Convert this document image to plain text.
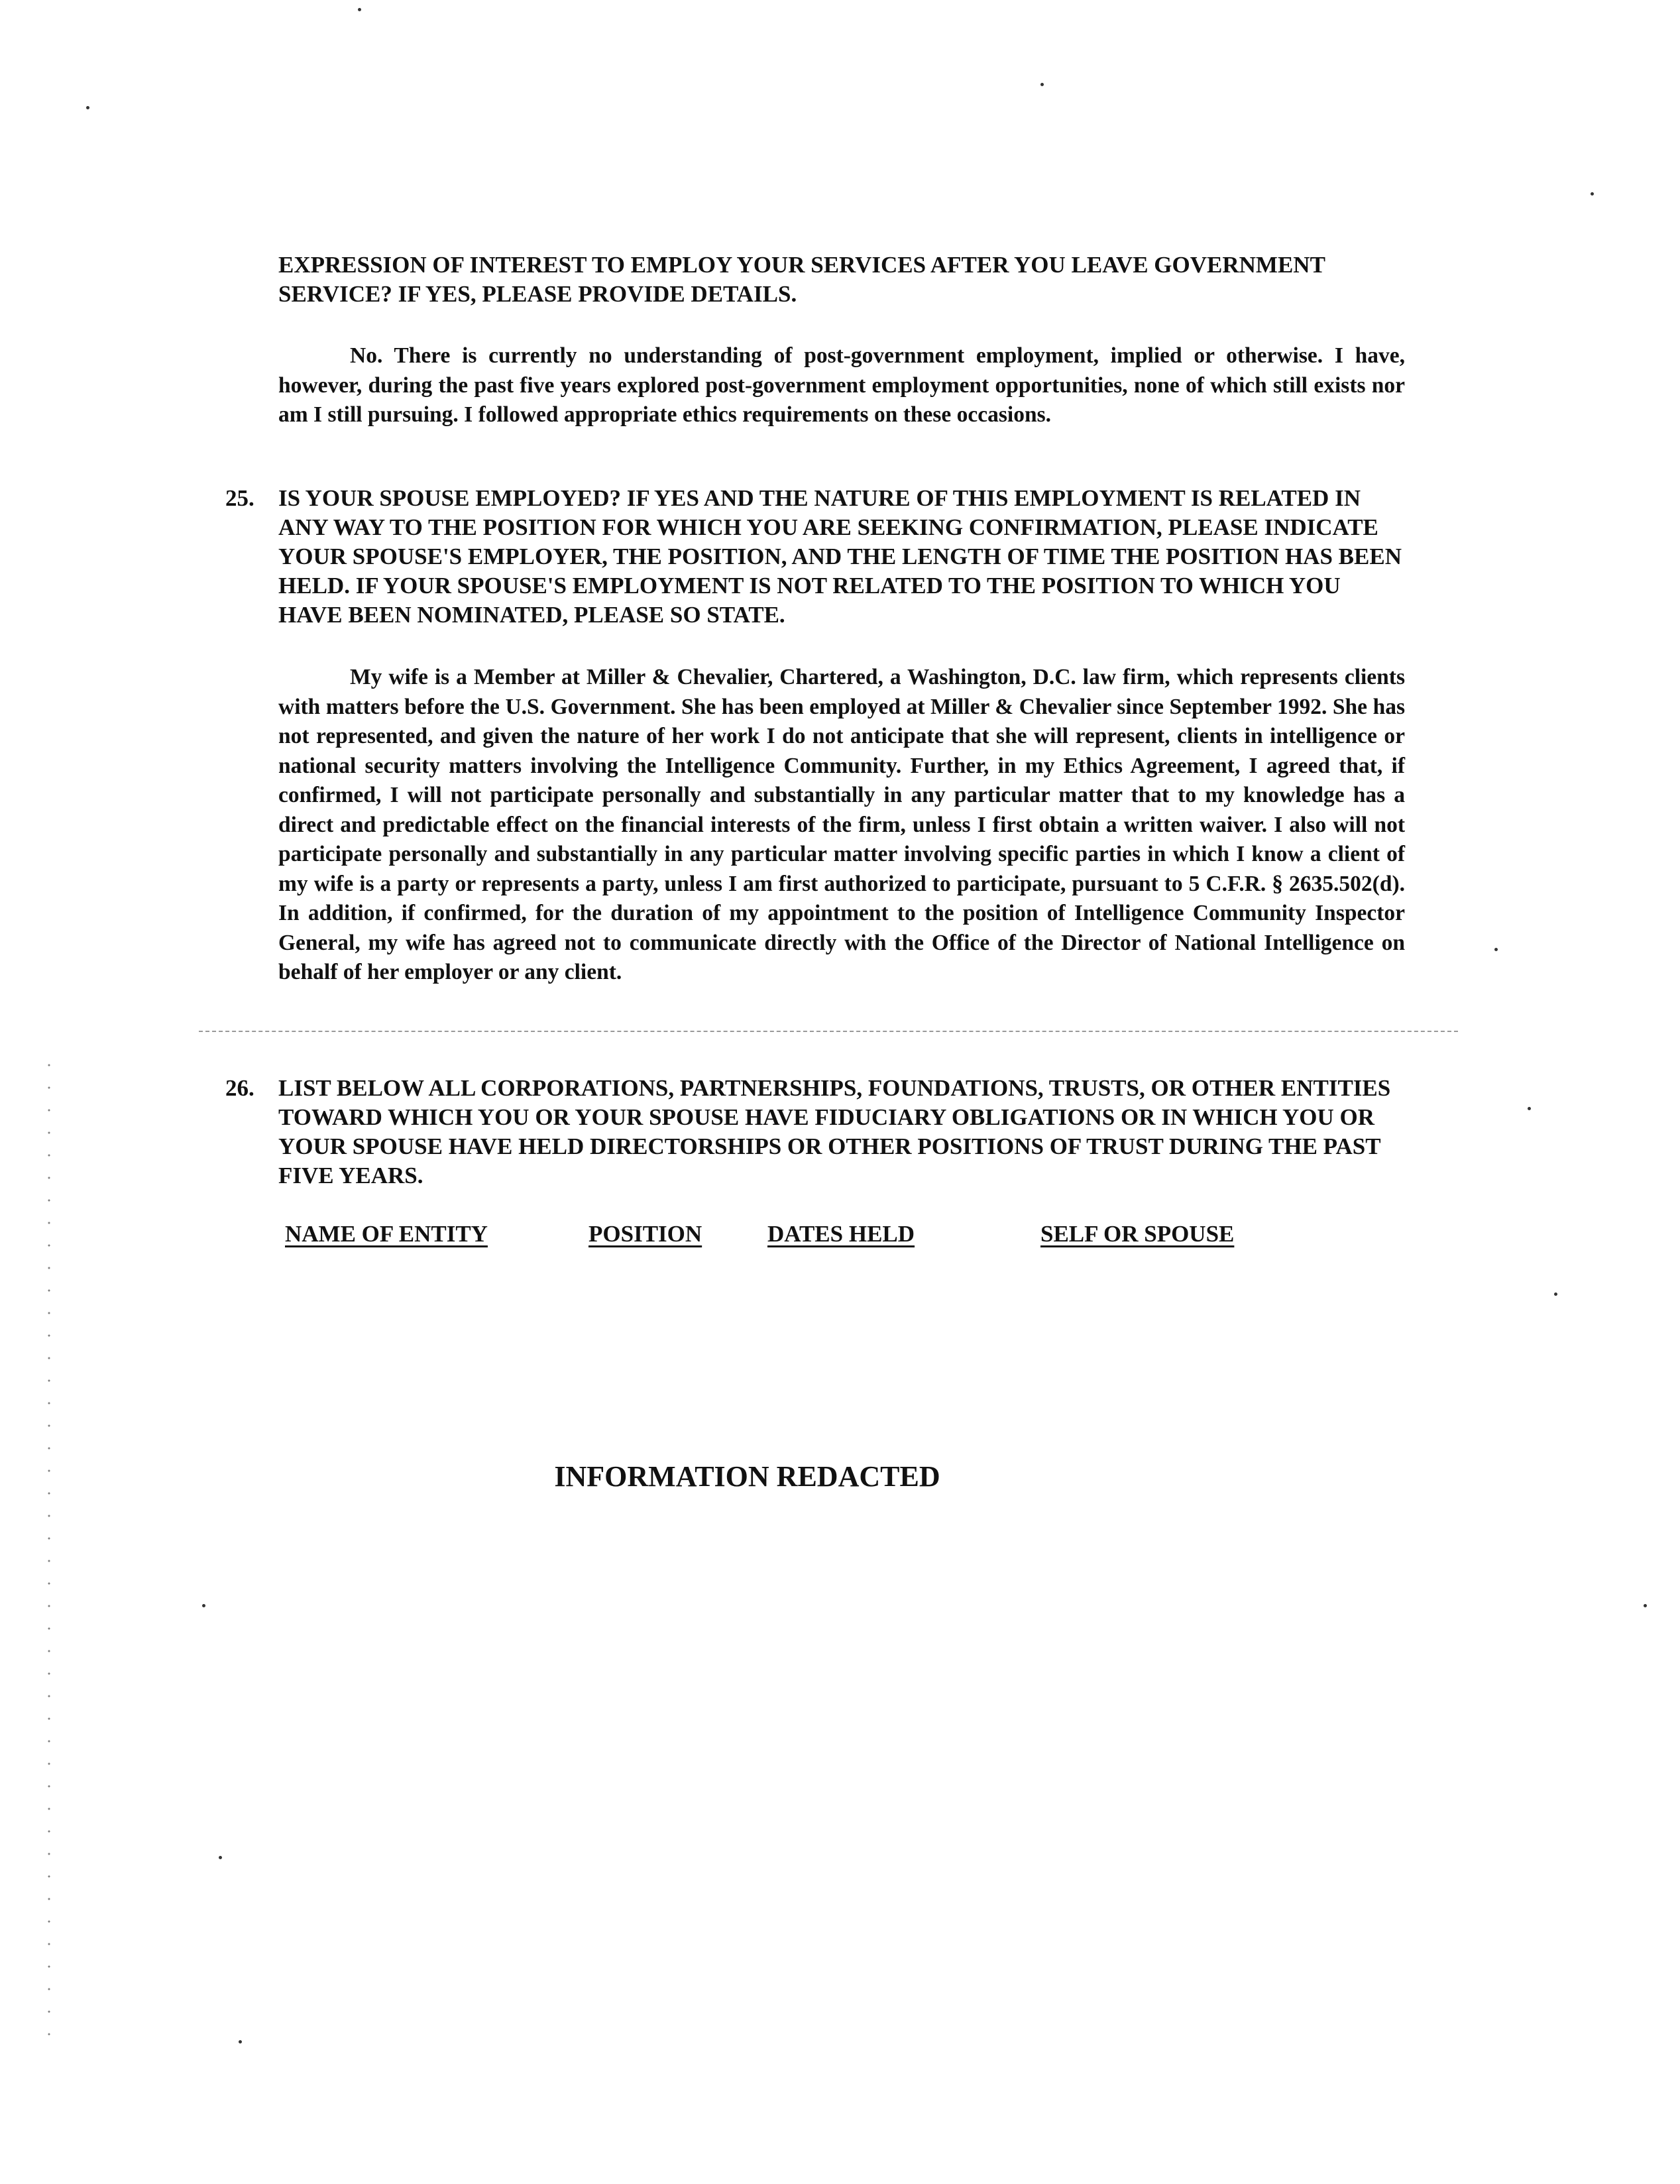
EXPRESSION OF INTEREST TO EMPLOY YOUR SERVICES AFTER YOU LEAVE GOVERNMENT SERVICE? IF YES, PLEASE PROVIDE DETAILS.
No. There is currently no understanding of post-government employment, implied or otherwise. I have, however, during the past five years explored post-government employment opportunities, none of which still exists nor am I still pursuing. I followed appropriate ethics requirements on these occasions.
25. IS YOUR SPOUSE EMPLOYED? IF YES AND THE NATURE OF THIS EMPLOYMENT IS RELATED IN ANY WAY TO THE POSITION FOR WHICH YOU ARE SEEKING CONFIRMATION, PLEASE INDICATE YOUR SPOUSE'S EMPLOYER, THE POSITION, AND THE LENGTH OF TIME THE POSITION HAS BEEN HELD. IF YOUR SPOUSE'S EMPLOYMENT IS NOT RELATED TO THE POSITION TO WHICH YOU HAVE BEEN NOMINATED, PLEASE SO STATE.
My wife is a Member at Miller & Chevalier, Chartered, a Washington, D.C. law firm, which represents clients with matters before the U.S. Government. She has been employed at Miller & Chevalier since September 1992. She has not represented, and given the nature of her work I do not anticipate that she will represent, clients in intelligence or national security matters involving the Intelligence Community. Further, in my Ethics Agreement, I agreed that, if confirmed, I will not participate personally and substantially in any particular matter that to my knowledge has a direct and predictable effect on the financial interests of the firm, unless I first obtain a written waiver. I also will not participate personally and substantially in any particular matter involving specific parties in which I know a client of my wife is a party or represents a party, unless I am first authorized to participate, pursuant to 5 C.F.R. § 2635.502(d). In addition, if confirmed, for the duration of my appointment to the position of Intelligence Community Inspector General, my wife has agreed not to communicate directly with the Office of the Director of National Intelligence on behalf of her employer or any client.
26. LIST BELOW ALL CORPORATIONS, PARTNERSHIPS, FOUNDATIONS, TRUSTS, OR OTHER ENTITIES TOWARD WHICH YOU OR YOUR SPOUSE HAVE FIDUCIARY OBLIGATIONS OR IN WHICH YOU OR YOUR SPOUSE HAVE HELD DIRECTORSHIPS OR OTHER POSITIONS OF TRUST DURING THE PAST FIVE YEARS.
NAME OF ENTITY	POSITION	DATES HELD	SELF OR SPOUSE
INFORMATION REDACTED
